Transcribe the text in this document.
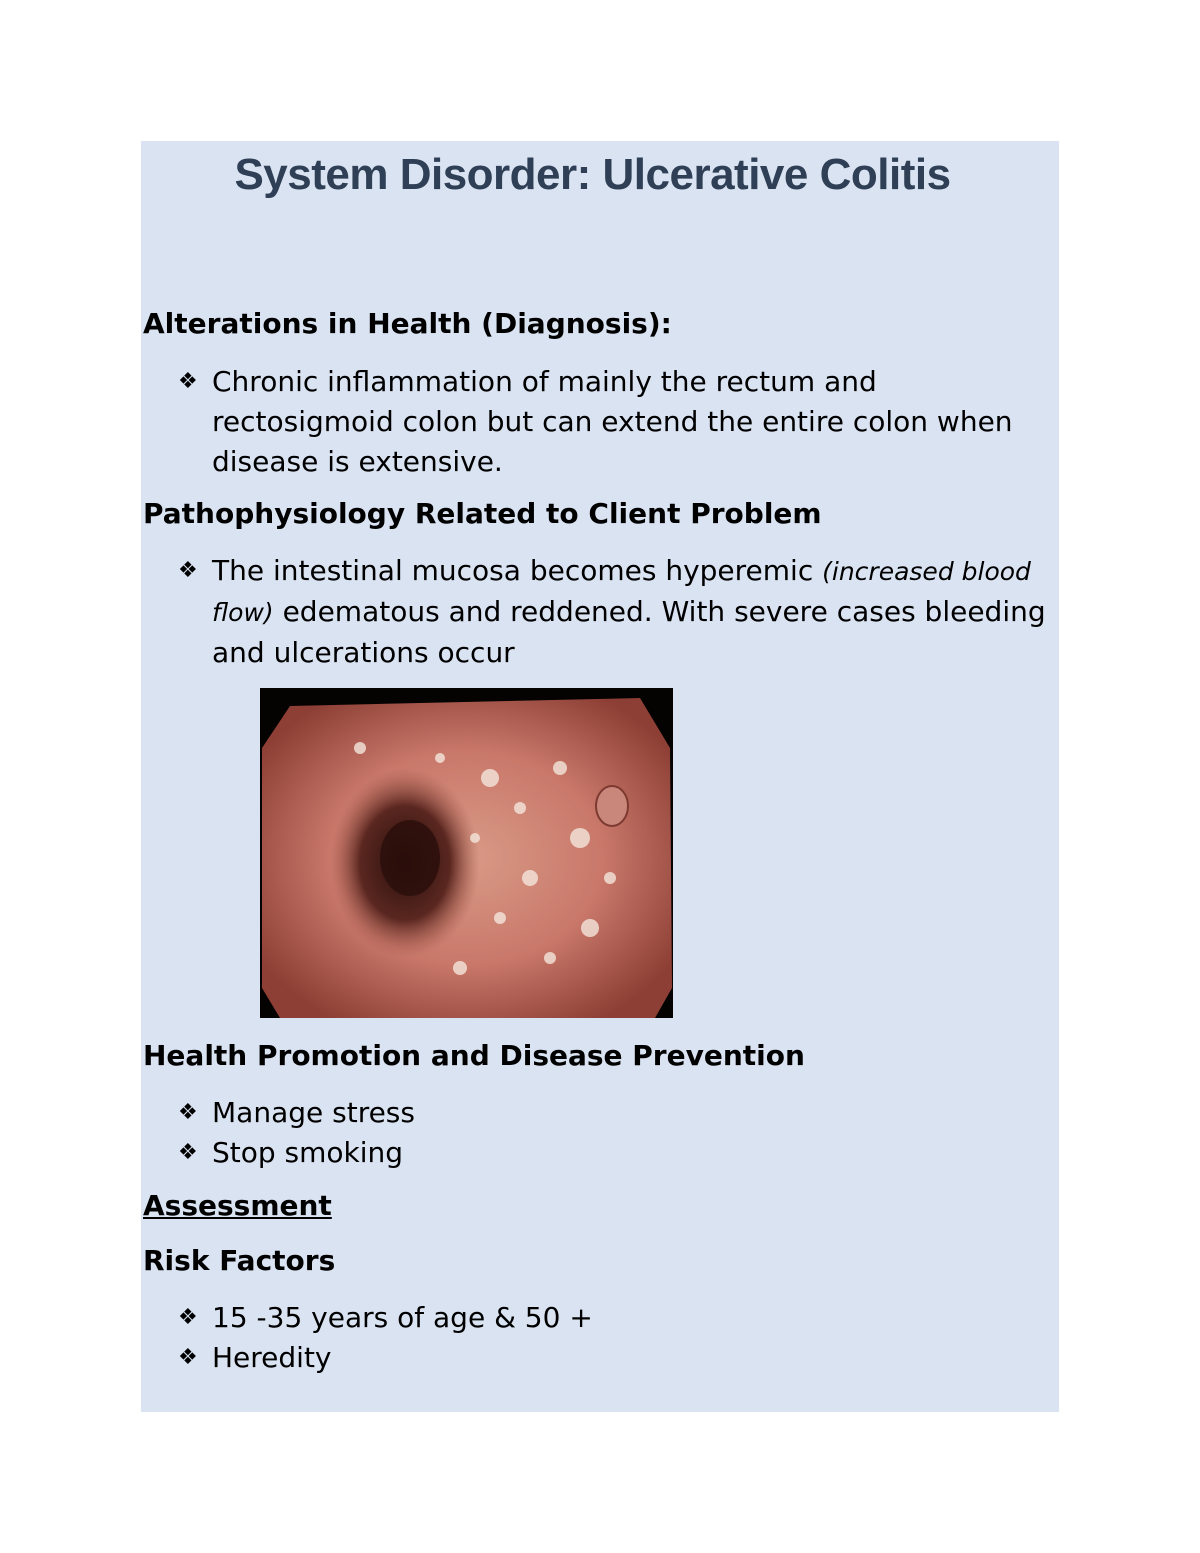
System Disorder: Ulcerative Colitis
Alterations in Health (Diagnosis):
❖ Chronic inflammation of mainly the rectum and rectosigmoid colon but can extend the entire colon when disease is extensive.
Pathophysiology Related to Client Problem
❖ The intestinal mucosa becomes hyperemic (increased blood flow) edematous and reddened. With severe cases bleeding and ulcerations occur
Health Promotion and Disease Prevention
❖ Manage stress
❖ Stop smoking
Assessment
Risk Factors
❖ 15 -35 years of age & 50 +
❖ Heredity
